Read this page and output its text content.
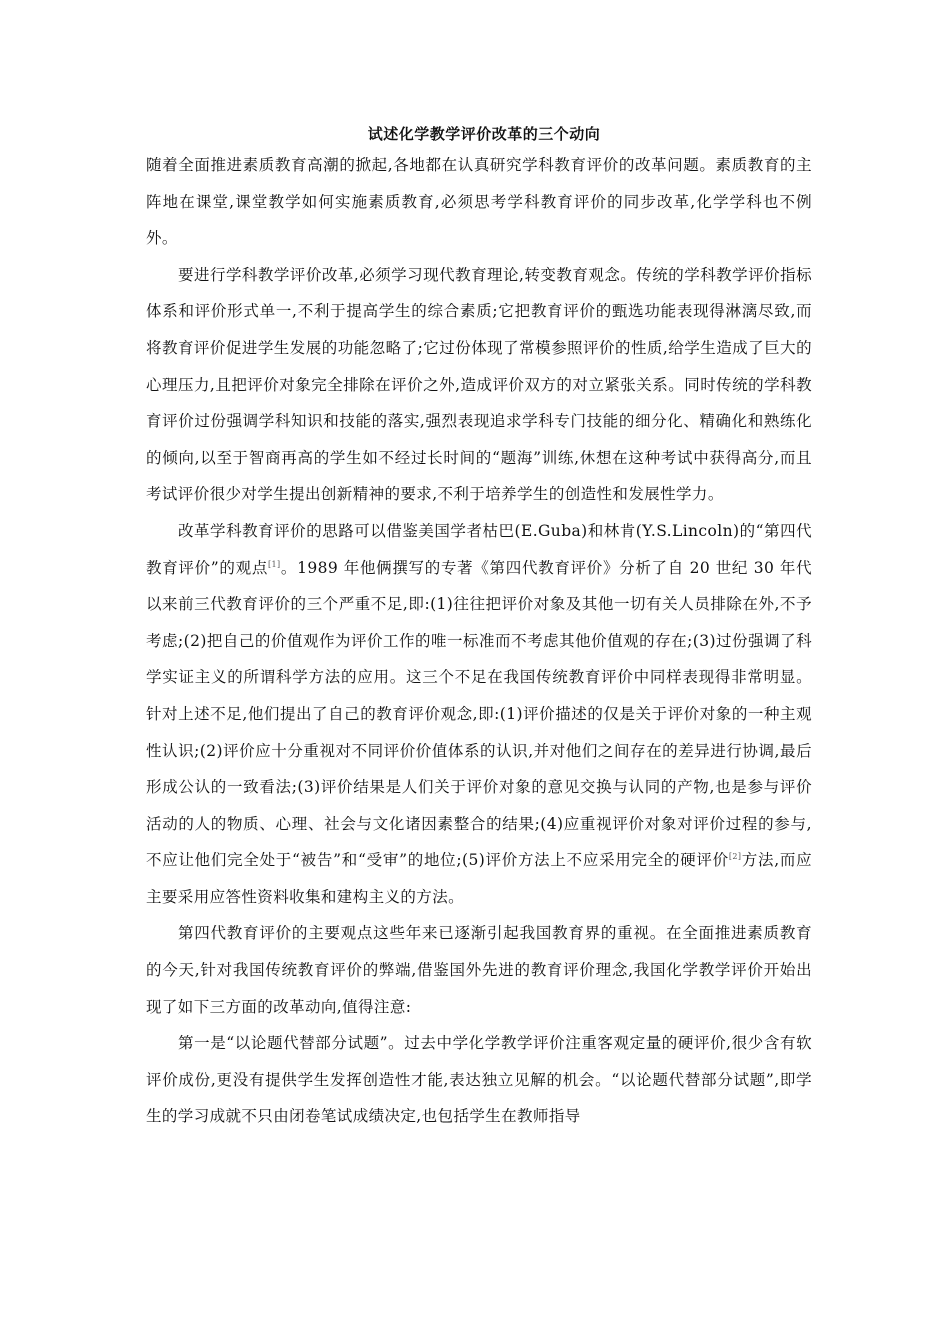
试述化学教学评价改革的三个动向

随着全面推进素质教育高潮的掀起,各地都在认真研究学科教育评价的改革问题。素质教育的主阵地在课堂,课堂教学如何实施素质教育,必须思考学科教育评价的同步改革,化学学科也不例外。

要进行学科教学评价改革,必须学习现代教育理论,转变教育观念。传统的学科教学评价指标体系和评价形式单一,不利于提高学生的综合素质;它把教育评价的甄选功能表现得淋漓尽致,而将教育评价促进学生发展的功能忽略了;它过份体现了常模参照评价的性质,给学生造成了巨大的心理压力,且把评价对象完全排除在评价之外,造成评价双方的对立紧张关系。同时传统的学科教育评价过份强调学科知识和技能的落实,强烈表现追求学科专门技能的细分化、精确化和熟练化的倾向,以至于智商再高的学生如不经过长时间的“题海”训练,休想在这种考试中获得高分,而且考试评价很少对学生提出创新精神的要求,不利于培养学生的创造性和发展性学力。

改革学科教育评价的思路可以借鉴美国学者枯巴(E.Guba)和林肯(Y.S.Lincoln)的“第四代教育评价”的观点[1]。1989 年他俩撰写的专著《第四代教育评价》分析了自 20 世纪 30 年代以来前三代教育评价的三个严重不足,即:(1)往往把评价对象及其他一切有关人员排除在外,不予考虑;(2)把自己的价值观作为评价工作的唯一标准而不考虑其他价值观的存在;(3)过份强调了科学实证主义的所谓科学方法的应用。这三个不足在我国传统教育评价中同样表现得非常明显。针对上述不足,他们提出了自己的教育评价观念,即:(1)评价描述的仅是关于评价对象的一种主观性认识;(2)评价应十分重视对不同评价价值体系的认识,并对他们之间存在的差异进行协调,最后形成公认的一致看法;(3)评价结果是人们关于评价对象的意见交换与认同的产物,也是参与评价活动的人的物质、心理、社会与文化诸因素整合的结果;(4)应重视评价对象对评价过程的参与,不应让他们完全处于“被告”和“受审”的地位;(5)评价方法上不应采用完全的硬评价[2]方法,而应主要采用应答性资料收集和建构主义的方法。

第四代教育评价的主要观点这些年来已逐渐引起我国教育界的重视。在全面推进素质教育的今天,针对我国传统教育评价的弊端,借鉴国外先进的教育评价理念,我国化学教学评价开始出现了如下三方面的改革动向,值得注意:

第一是“以论题代替部分试题”。过去中学化学教学评价注重客观定量的硬评价,很少含有软评价成份,更没有提供学生发挥创造性才能,表达独立见解的机会。“以论题代替部分试题”,即学生的学习成就不只由闭卷笔试成绩决定,也包括学生在教师指导
